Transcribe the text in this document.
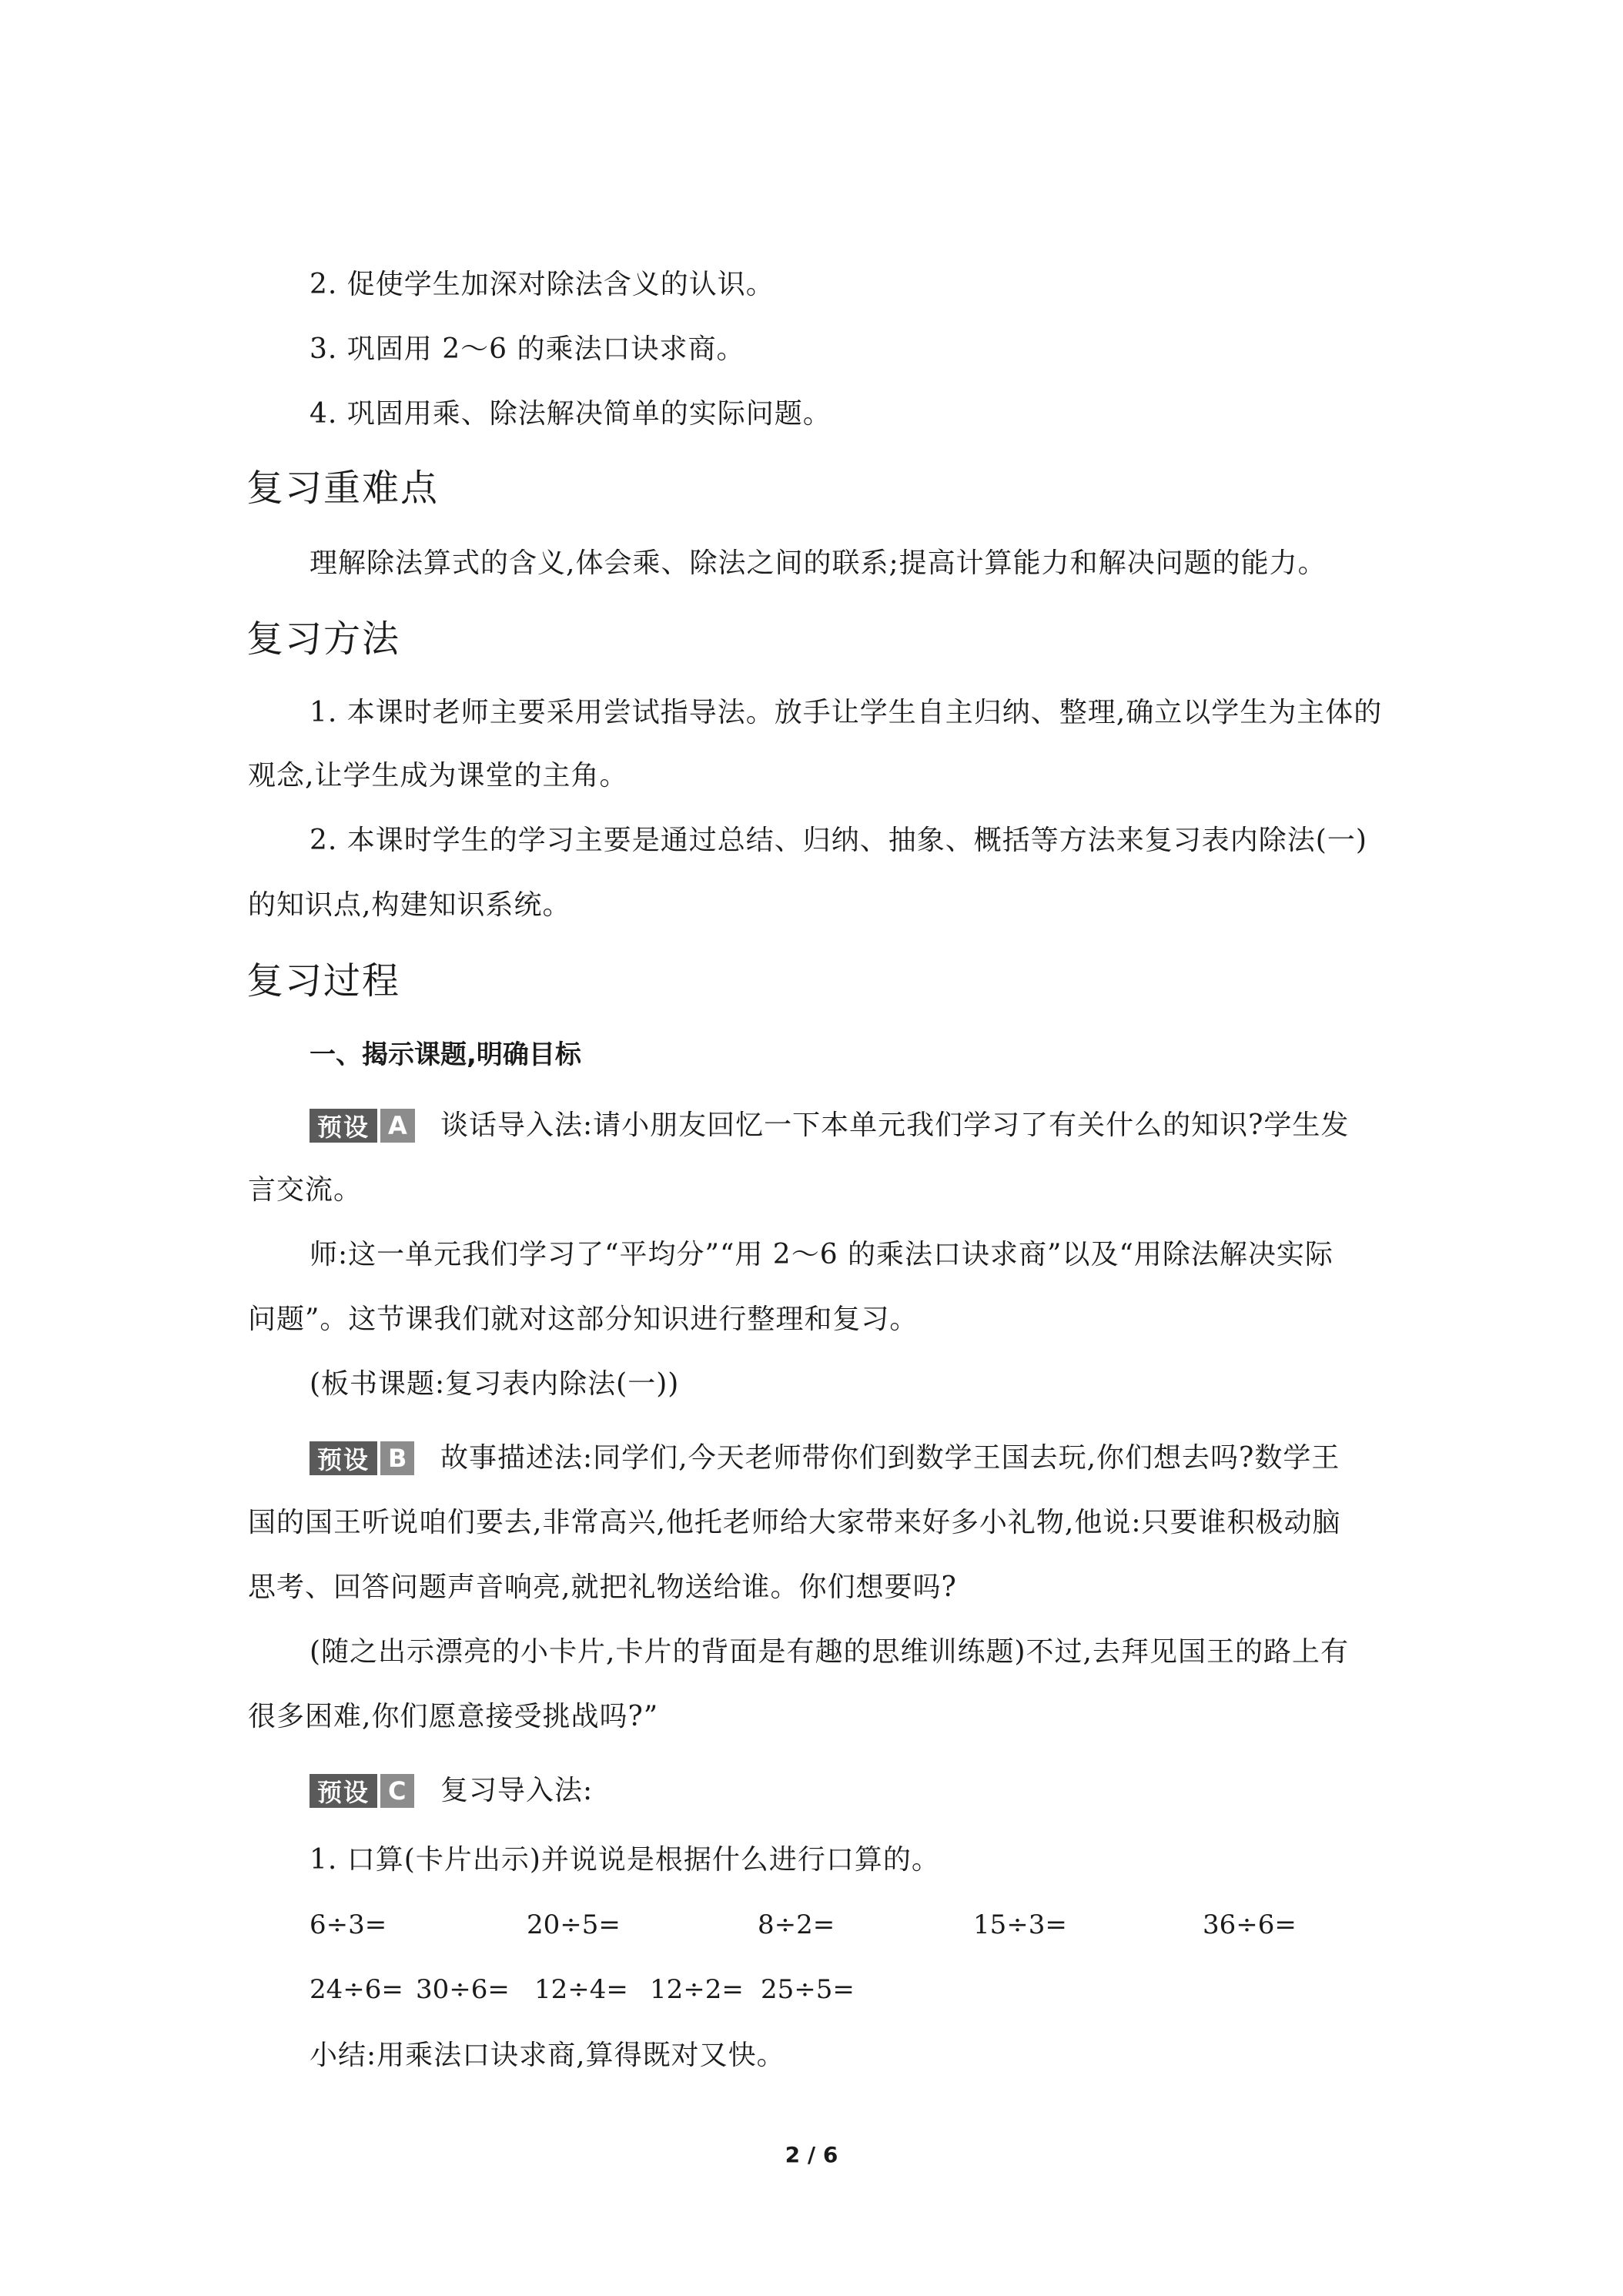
2. 促使学生加深对除法含义的认识。
3. 巩固用 2～6 的乘法口诀求商。
4. 巩固用乘、除法解决简单的实际问题。
复习重难点
理解除法算式的含义,体会乘、除法之间的联系;提高计算能力和解决问题的能力。
复习方法
1. 本课时老师主要采用尝试指导法。放手让学生自主归纳、整理,确立以学生为主体的
观念,让学生成为课堂的主角。
2. 本课时学生的学习主要是通过总结、归纳、抽象、概括等方法来复习表内除法(一)
的知识点,构建知识系统。
复习过程
一、揭示课题,明确目标
预设 A 谈话导入法:请小朋友回忆一下本单元我们学习了有关什么的知识?学生发
言交流。
师:这一单元我们学习了“平均分”“用 2～6 的乘法口诀求商”以及“用除法解决实际
问题”。这节课我们就对这部分知识进行整理和复习。
(板书课题:复习表内除法(一))
预设 B 故事描述法:同学们,今天老师带你们到数学王国去玩,你们想去吗?数学王
国的国王听说咱们要去,非常高兴,他托老师给大家带来好多小礼物,他说:只要谁积极动脑
思考、回答问题声音响亮,就把礼物送给谁。你们想要吗?
(随之出示漂亮的小卡片,卡片的背面是有趣的思维训练题)不过,去拜见国王的路上有
很多困难,你们愿意接受挑战吗?”
预设 C 复习导入法:
1. 口算(卡片出示)并说说是根据什么进行口算的。
6÷3=	20÷5=	8÷2=	15÷3=	36÷6=
24÷6= 30÷6= 12÷4= 12÷2= 25÷5=
小结:用乘法口诀求商,算得既对又快。
2 / 6
